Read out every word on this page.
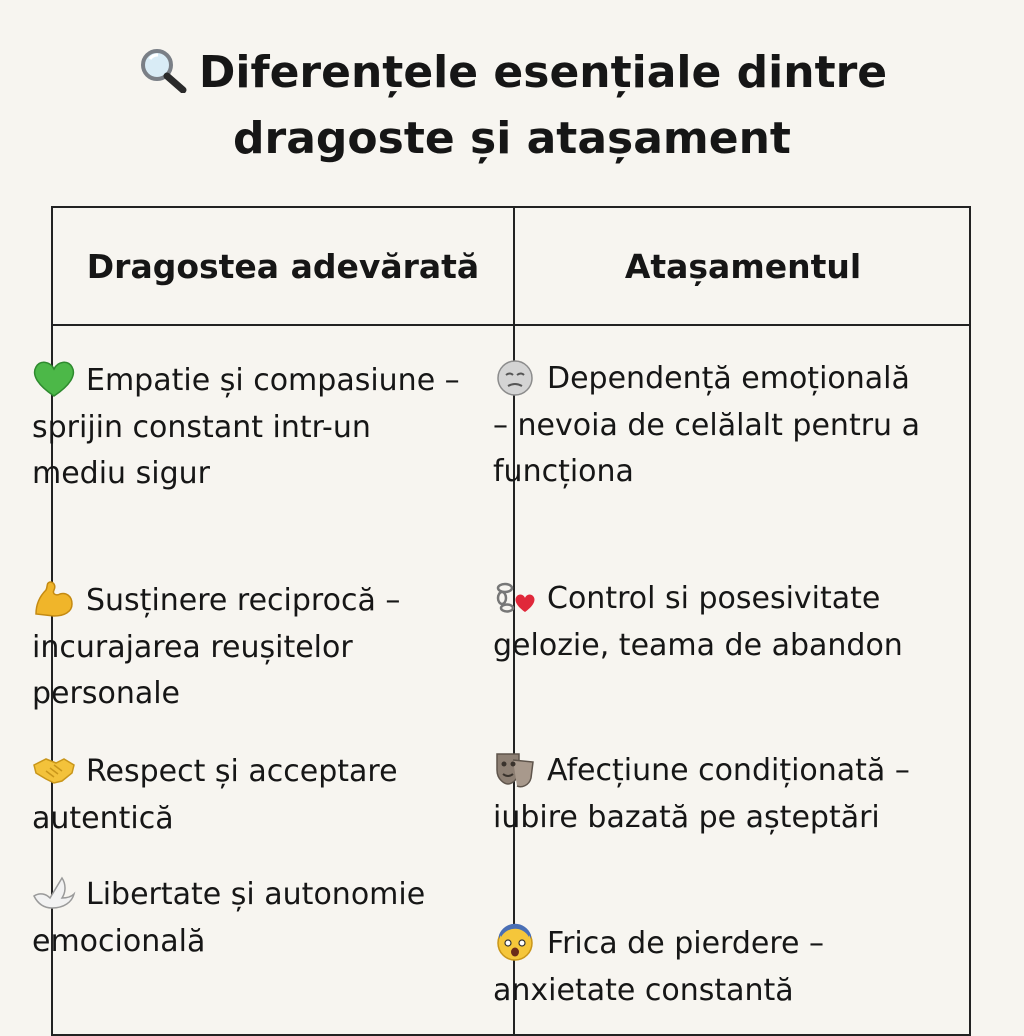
Diferențele esențiale dintre
dragoste și atașament
Dragostea adevărată	Atașamentul
Empatie și compasiune – sprijin constant intr-un mediu sigur
Susținere reciprocă – incurajarea reușitelor personale
Respect și acceptare autentică
Libertate și autonomie emocională
Dependență emoțională – nevoia de celălalt pentru a funcționa
Control si posesivitate gelozie, teama de abandon
Afecțiune condiționată – iubire bazată pe așteptări
Frica de pierdere – anxietate constantă
